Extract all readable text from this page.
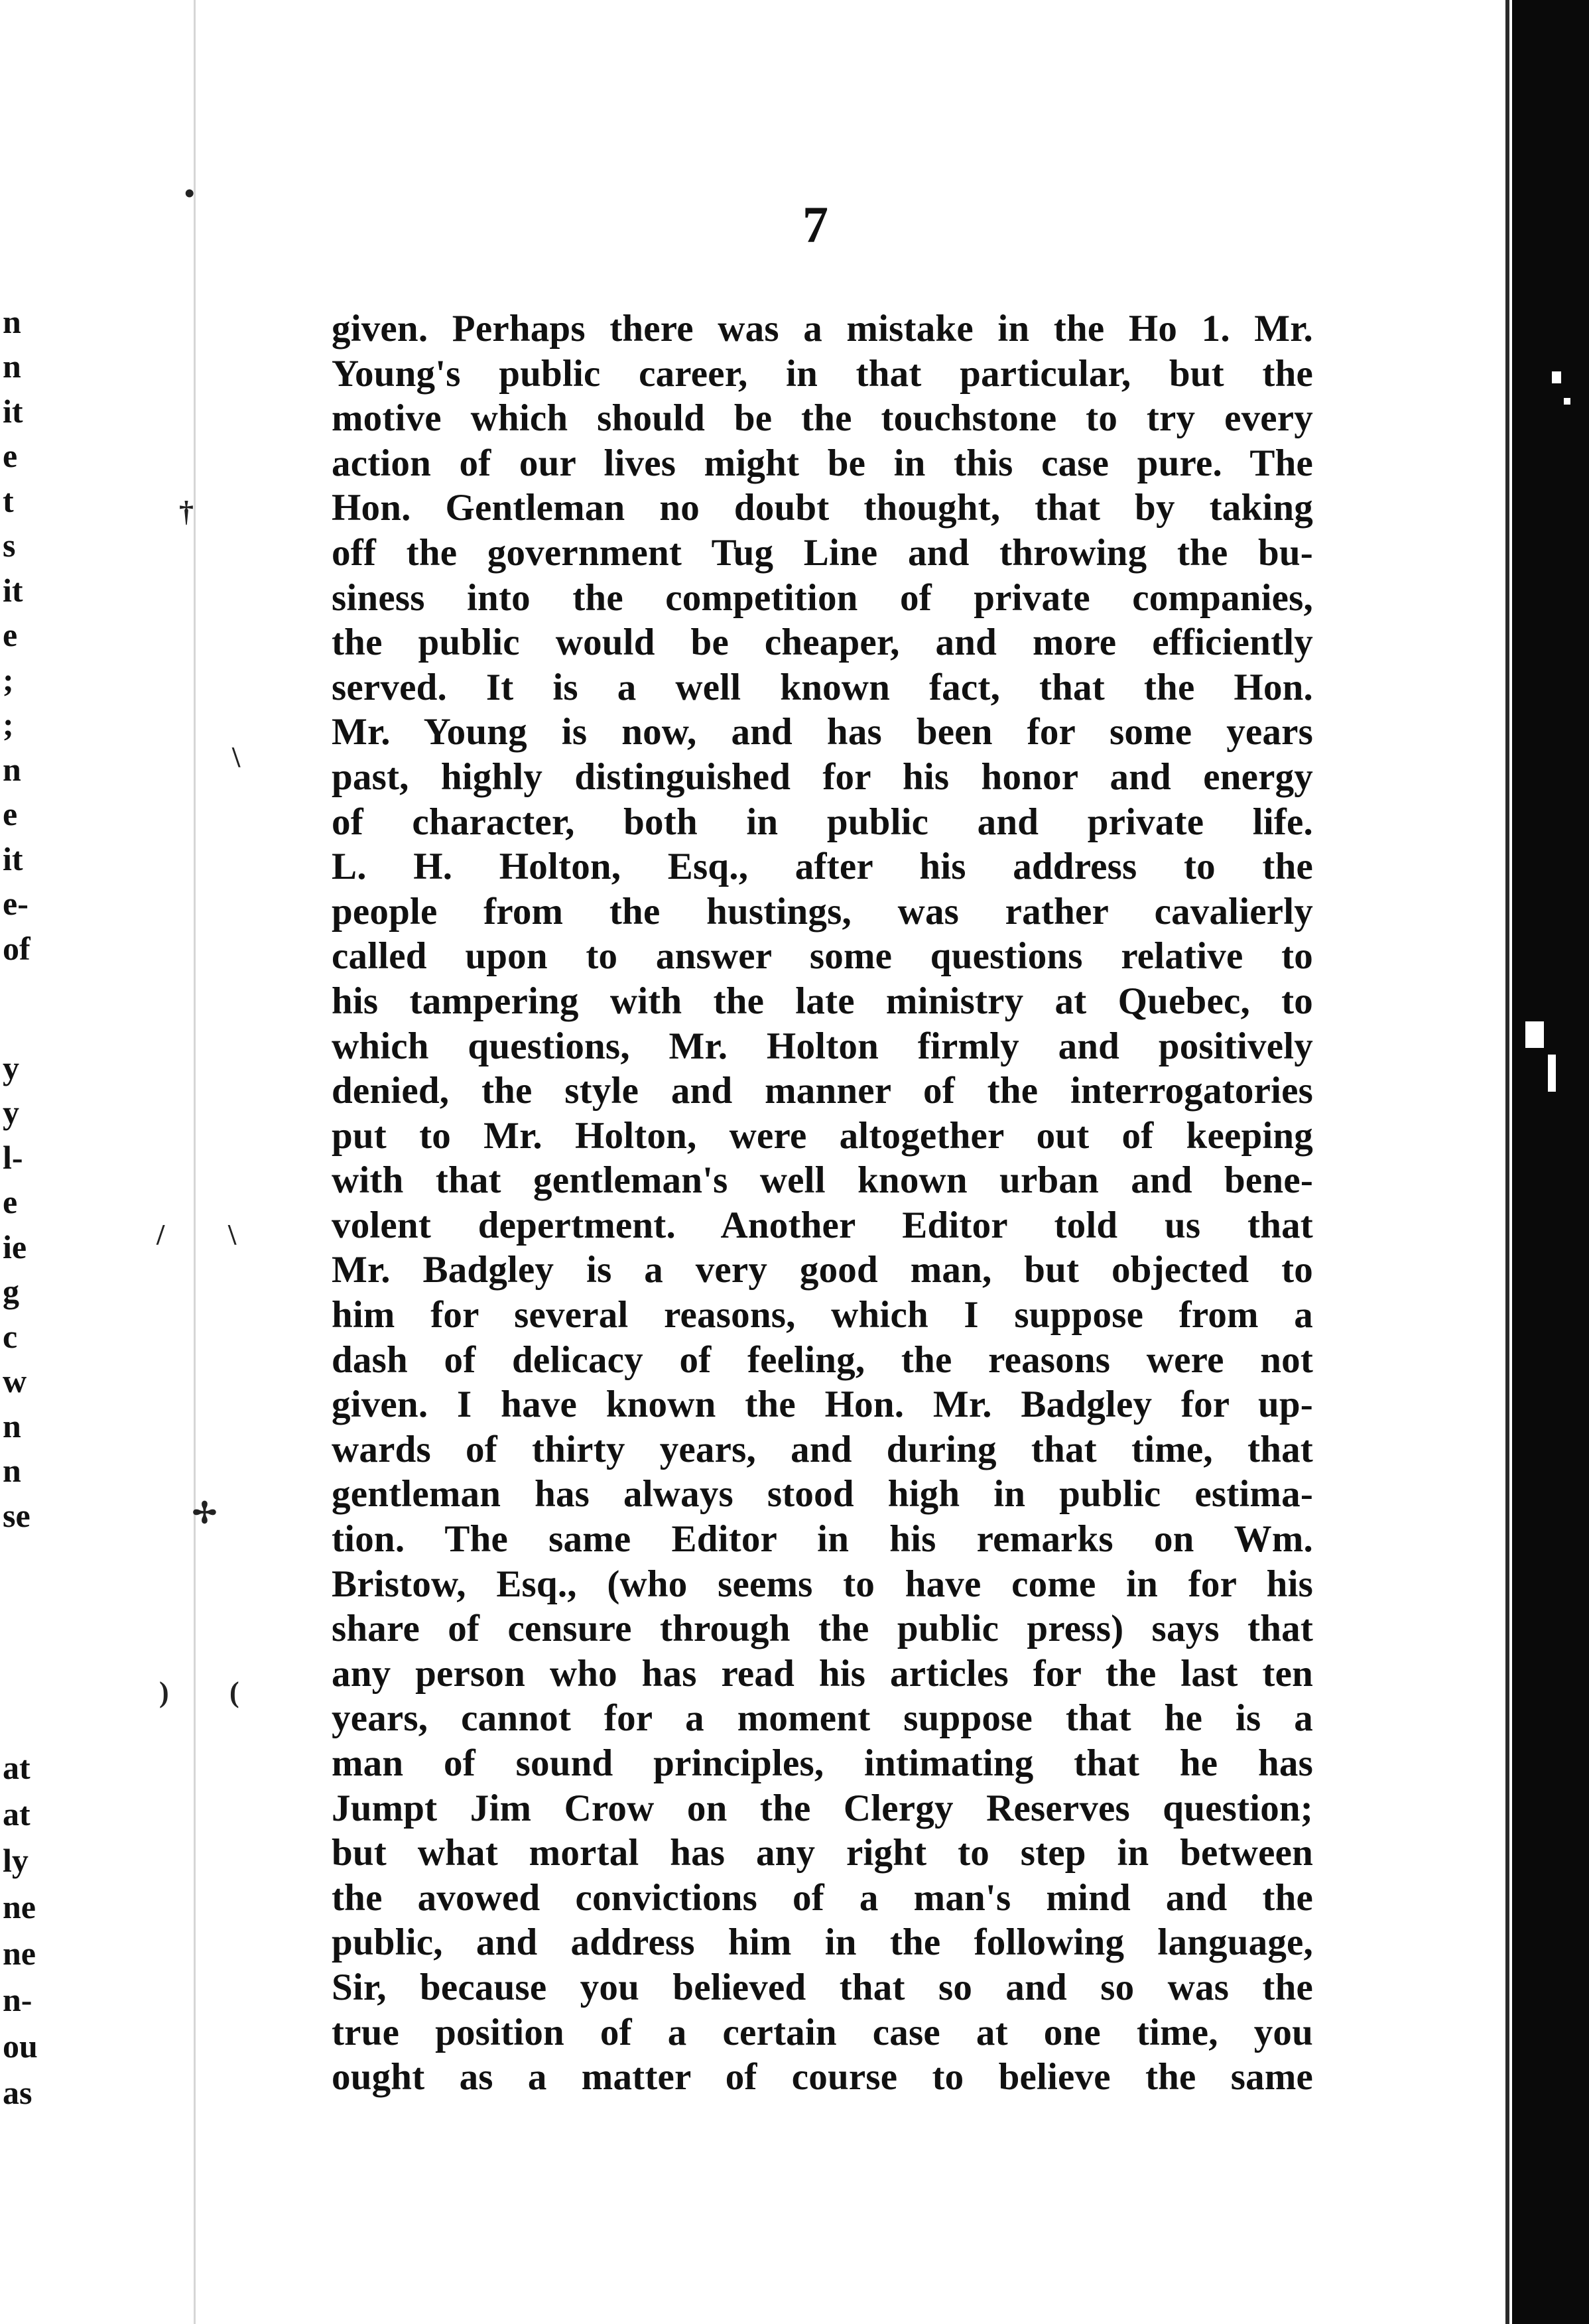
n
n
it
e
t
s
it
e
;
;
n
e
it
e-
of
y
y
l-
e
ie
g
c
w
n
n
se
at
at
ly
ne
ne
n-
ou
as
•
†
\
/ \
✢
) (
7
given. Perhaps there was a mistake in the Ho 1. Mr.
Young's public career, in that particular, but the
motive which should be the touchstone to try every
action of our lives might be in this case pure. The
Hon. Gentleman no doubt thought, that by taking
off the government Tug Line and throwing the bu-
siness into the competition of private companies,
the public would be cheaper, and more efficiently
served. It is a well known fact, that the Hon.
Mr. Young is now, and has been for some years
past, highly distinguished for his honor and energy
of character, both in public and private life.
L. H. Holton, Esq., after his address to the
people from the hustings, was rather cavalierly
called upon to answer some questions relative to
his tampering with the late ministry at Quebec, to
which questions, Mr. Holton firmly and positively
denied, the style and manner of the interrogatories
put to Mr. Holton, were altogether out of keeping
with that gentleman's well known urban and bene-
volent depertment. Another Editor told us that
Mr. Badgley is a very good man, but objected to
him for several reasons, which I suppose from a
dash of delicacy of feeling, the reasons were not
given. I have known the Hon. Mr. Badgley for up-
wards of thirty years, and during that time, that
gentleman has always stood high in public estima-
tion. The same Editor in his remarks on Wm.
Bristow, Esq., (who seems to have come in for his
share of censure through the public press) says that
any person who has read his articles for the last ten
years, cannot for a moment suppose that he is a
man of sound principles, intimating that he has
Jumpt Jim Crow on the Clergy Reserves question;
but what mortal has any right to step in between
the avowed convictions of a man's mind and the
public, and address him in the following language,
Sir, because you believed that so and so was the
true position of a certain case at one time, you
ought as a matter of course to believe the same
